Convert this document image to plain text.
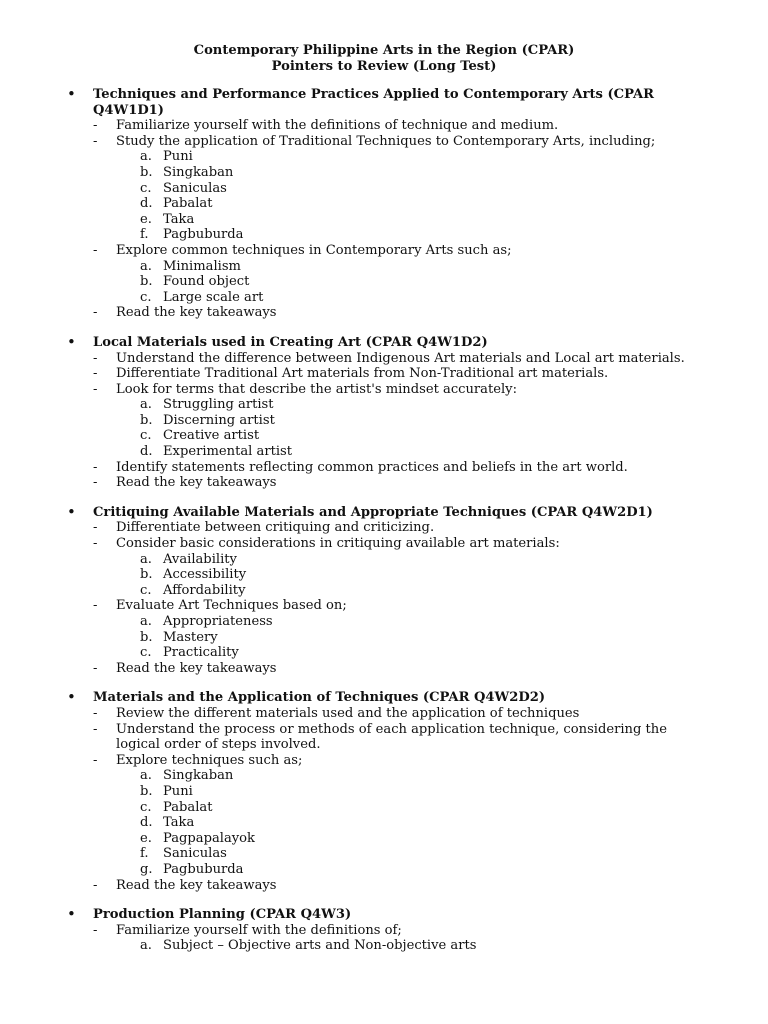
Contemporary Philippine Arts in the Region (CPAR)
Pointers to Review (Long Test)
• Techniques and Performance Practices Applied to Contemporary Arts (CPAR Q4W1D1)
- Familiarize yourself with the definitions of technique and medium.
- Study the application of Traditional Techniques to Contemporary Arts, including;
a. Puni
b. Singkaban
c. Saniculas
d. Pabalat
e. Taka
f. Pagbuburda
- Explore common techniques in Contemporary Arts such as;
a. Minimalism
b. Found object
c. Large scale art
- Read the key takeaways
• Local Materials used in Creating Art (CPAR Q4W1D2)
- Understand the difference between Indigenous Art materials and Local art materials.
- Differentiate Traditional Art materials from Non-Traditional art materials.
- Look for terms that describe the artist's mindset accurately:
a. Struggling artist
b. Discerning artist
c. Creative artist
d. Experimental artist
- Identify statements reflecting common practices and beliefs in the art world.
- Read the key takeaways
• Critiquing Available Materials and Appropriate Techniques (CPAR Q4W2D1)
- Differentiate between critiquing and criticizing.
- Consider basic considerations in critiquing available art materials:
a. Availability
b. Accessibility
c. Affordability
- Evaluate Art Techniques based on;
a. Appropriateness
b. Mastery
c. Practicality
- Read the key takeaways
• Materials and the Application of Techniques (CPAR Q4W2D2)
- Review the different materials used and the application of techniques
- Understand the process or methods of each application technique, considering the logical order of steps involved.
- Explore techniques such as;
a. Singkaban
b. Puni
c. Pabalat
d. Taka
e. Pagpapalayok
f. Saniculas
g. Pagbuburda
- Read the key takeaways
• Production Planning (CPAR Q4W3)
- Familiarize yourself with the definitions of;
a. Subject – Objective arts and Non-objective arts
